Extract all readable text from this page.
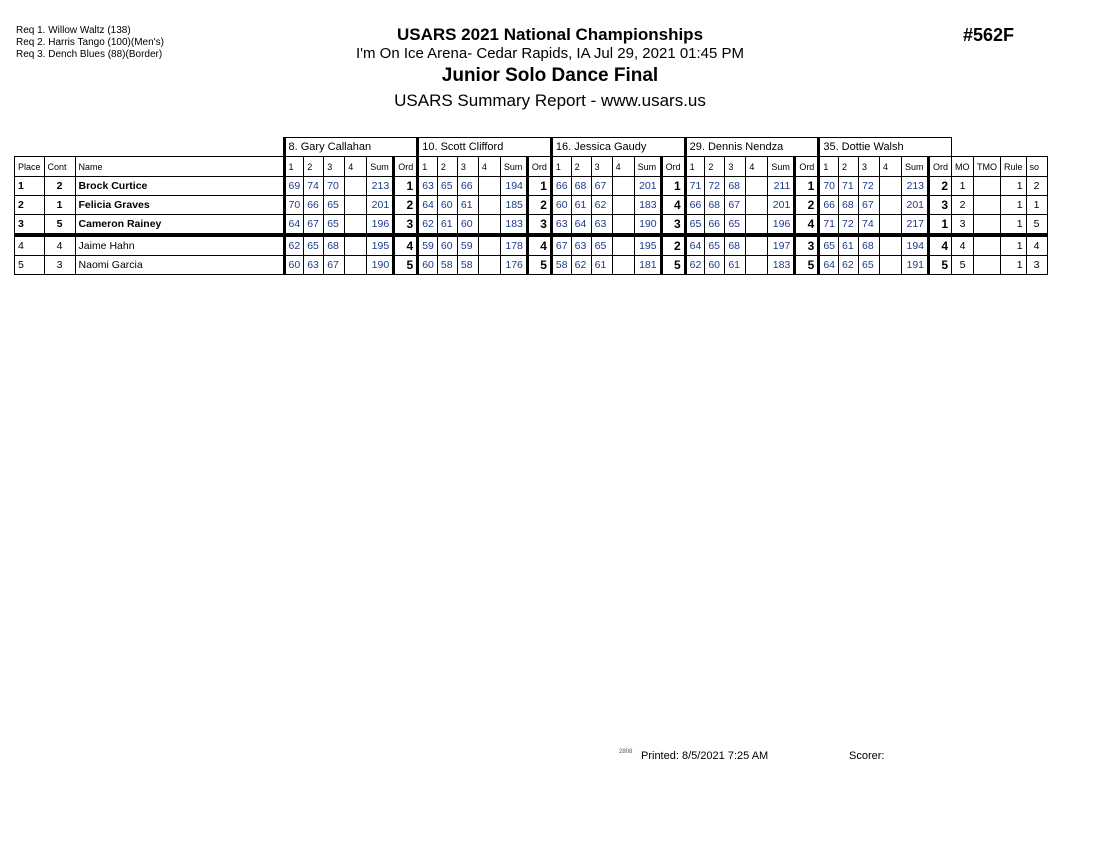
Req 1. Willow Waltz (138)
Req 2. Harris Tango (100)(Men's)
Req 3. Dench Blues (88)(Border)
USARS 2021 National Championships
I'm On Ice Arena- Cedar Rapids, IA Jul 29, 2021 01:45 PM
Junior Solo Dance Final
USARS Summary Report - www.usars.us
#562F
			8. Gary Callahan						10. Scott Clifford						16. Jessica Gaudy						29. Dennis Nendza						35. Dottie Walsh									
Place	Cont	Name	1	2	3	4	Sum	Ord	1	2	3	4	Sum	Ord	1	2	3	4	Sum	Ord	1	2	3	4	Sum	Ord	1	2	3	4	Sum	Ord	MO	TMO	Rule	so
1	2	Brock Curtice	69	74	70		213	1	63	65	66		194	1	66	68	67		201	1	71	72	68		211	1	70	71	72		213	2	1		1	2
2	1	Felicia Graves	70	66	65		201	2	64	60	61		185	2	60	61	62		183	4	66	68	67		201	2	66	68	67		201	3	2		1	1
3	5	Cameron Rainey	64	67	65		196	3	62	61	60		183	3	63	64	63		190	3	65	66	65		196	4	71	72	74		217	1	3		1	5
4	4	Jaime Hahn	62	65	68		195	4	59	60	59		178	4	67	63	65		195	2	64	65	68		197	3	65	61	68		194	4	4		1	4
5	3	Naomi Garcia	60	63	67		190	5	60	58	58		176	5	58	62	61		181	5	62	60	61		183	5	64	62	65		191	5	5		1	3
2808 Printed: 8/5/2021 7:25 AM	Scorer:
